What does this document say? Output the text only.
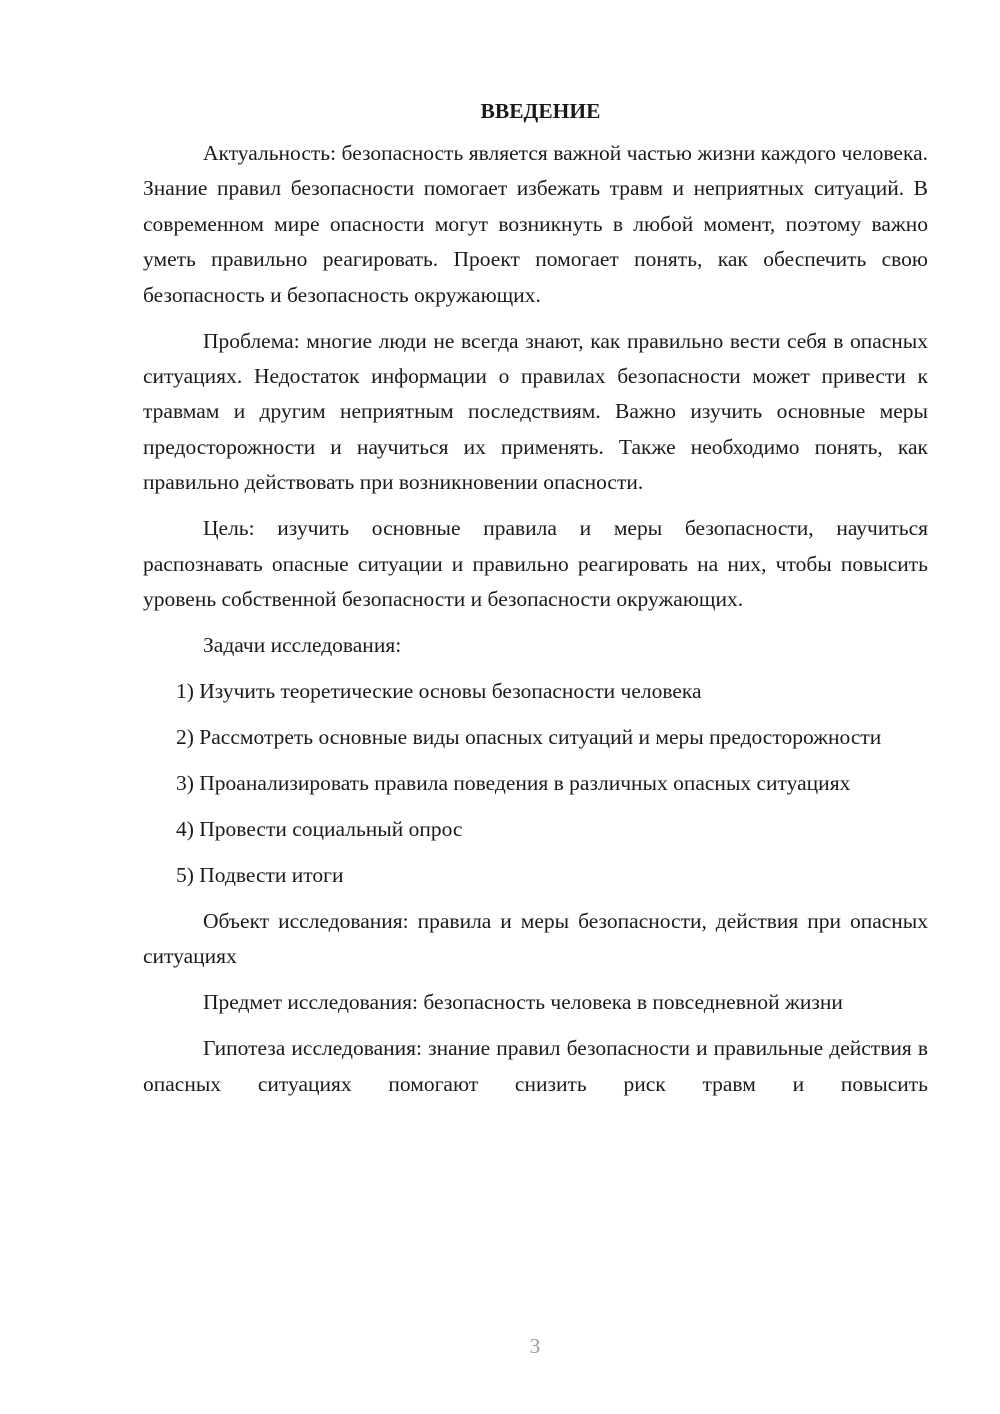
ВВЕДЕНИЕ

Актуальность: безопасность является важной частью жизни каждого человека. Знание правил безопасности помогает избежать травм и неприятных ситуаций. В современном мире опасности могут возникнуть в любой момент, поэтому важно уметь правильно реагировать. Проект помогает понять, как обеспечить свою безопасность и безопасность окружающих.

Проблема: многие люди не всегда знают, как правильно вести себя в опасных ситуациях. Недостаток информации о правилах безопасности может привести к травмам и другим неприятным последствиям. Важно изучить основные меры предосторожности и научиться их применять. Также необходимо понять, как правильно действовать при возникновении опасности.

Цель: изучить основные правила и меры безопасности, научиться распознавать опасные ситуации и правильно реагировать на них, чтобы повысить уровень собственной безопасности и безопасности окружающих.

Задачи исследования:

1) Изучить теоретические основы безопасности человека

2) Рассмотреть основные виды опасных ситуаций и меры предосторожности

3) Проанализировать правила поведения в различных опасных ситуациях

4) Провести социальный опрос

5) Подвести итоги

Объект исследования: правила и меры безопасности, действия при опасных ситуациях

Предмет исследования: безопасность человека в повседневной жизни

Гипотеза исследования: знание правил безопасности и правильные действия в опасных ситуациях помогают снизить риск травм и повысить

3
